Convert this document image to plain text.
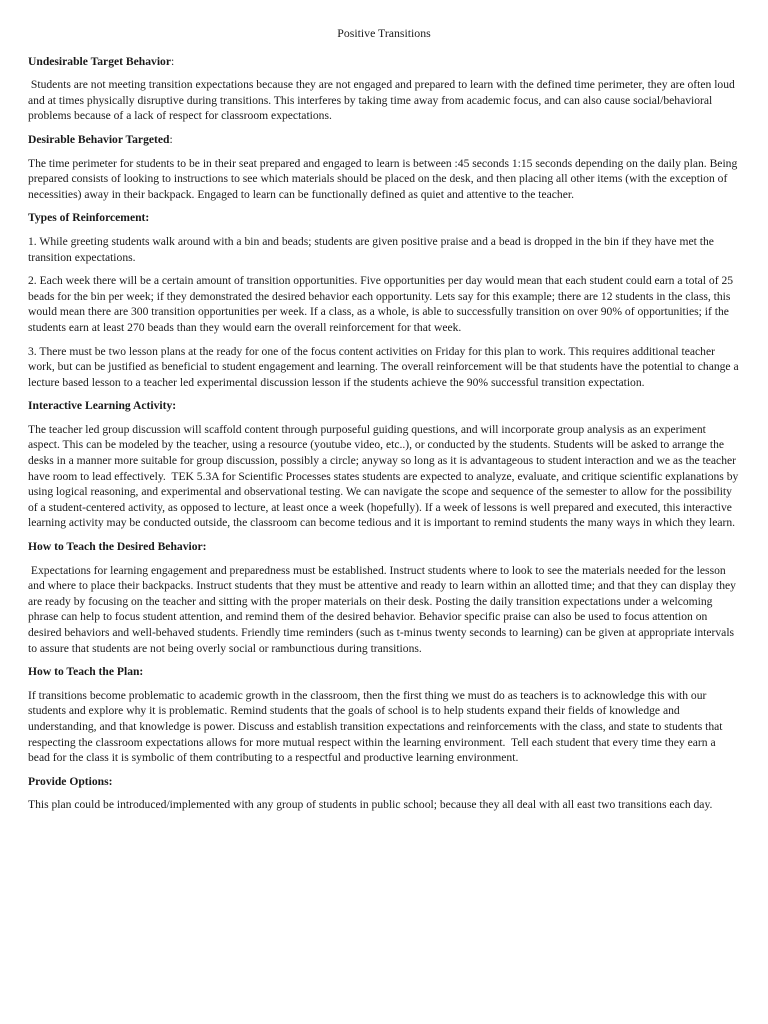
Positive Transitions
Undesirable Target Behavior:

Students are not meeting transition expectations because they are not engaged and prepared to learn with the defined time perimeter, they are often loud and at times physically disruptive during transitions. This interferes by taking time away from academic focus, and can also cause social/behavioral problems because of a lack of respect for classroom expectations.

Desirable Behavior Targeted:

The time perimeter for students to be in their seat prepared and engaged to learn is between :45 seconds 1:15 seconds depending on the daily plan. Being prepared consists of looking to instructions to see which materials should be placed on the desk, and then placing all other items (with the exception of necessities) away in their backpack. Engaged to learn can be functionally defined as quiet and attentive to the teacher.

Types of Reinforcement:

1. While greeting students walk around with a bin and beads; students are given positive praise and a bead is dropped in the bin if they have met the transition expectations.

2. Each week there will be a certain amount of transition opportunities. Five opportunities per day would mean that each student could earn a total of 25 beads for the bin per week; if they demonstrated the desired behavior each opportunity. Lets say for this example; there are 12 students in the class, this would mean there are 300 transition opportunities per week. If a class, as a whole, is able to successfully transition on over 90% of opportunities; if the students earn at least 270 beads than they would earn the overall reinforcement for that week.

3. There must be two lesson plans at the ready for one of the focus content activities on Friday for this plan to work. This requires additional teacher work, but can be justified as beneficial to student engagement and learning. The overall reinforcement will be that students have the potential to change a lecture based lesson to a teacher led experimental discussion lesson if the students achieve the 90% successful transition expectation.

Interactive Learning Activity:

The teacher led group discussion will scaffold content through purposeful guiding questions, and will incorporate group analysis as an experiment aspect. This can be modeled by the teacher, using a resource (youtube video, etc..), or conducted by the students. Students will be asked to arrange the desks in a manner more suitable for group discussion, possibly a circle; anyway so long as it is advantageous to student interaction and we as the teacher have room to lead effectively.  TEK 5.3A for Scientific Processes states students are expected to analyze, evaluate, and critique scientific explanations by using logical reasoning, and experimental and observational testing. We can navigate the scope and sequence of the semester to allow for the possibility of a student-centered activity, as opposed to lecture, at least once a week (hopefully). If a week of lessons is well prepared and executed, this interactive learning activity may be conducted outside, the classroom can become tedious and it is important to remind students the many ways in which they learn.

How to Teach the Desired Behavior:

Expectations for learning engagement and preparedness must be established. Instruct students where to look to see the materials needed for the lesson and where to place their backpacks. Instruct students that they must be attentive and ready to learn within an allotted time; and that they can display they are ready by focusing on the teacher and sitting with the proper materials on their desk. Posting the daily transition expectations under a welcoming phrase can help to focus student attention, and remind them of the desired behavior. Behavior specific praise can also be used to focus attention on desired behaviors and well-behaved students. Friendly time reminders (such as t-minus twenty seconds to learning) can be given at appropriate intervals to assure that students are not being overly social or rambunctious during transitions.

How to Teach the Plan:

If transitions become problematic to academic growth in the classroom, then the first thing we must do as teachers is to acknowledge this with our students and explore why it is problematic. Remind students that the goals of school is to help students expand their fields of knowledge and understanding, and that knowledge is power. Discuss and establish transition expectations and reinforcements with the class, and state to students that respecting the classroom expectations allows for more mutual respect within the learning environment.  Tell each student that every time they earn a bead for the class it is symbolic of them contributing to a respectful and productive learning environment.

Provide Options:

This plan could be introduced/implemented with any group of students in public school; because they all deal with all east two transitions each day.
